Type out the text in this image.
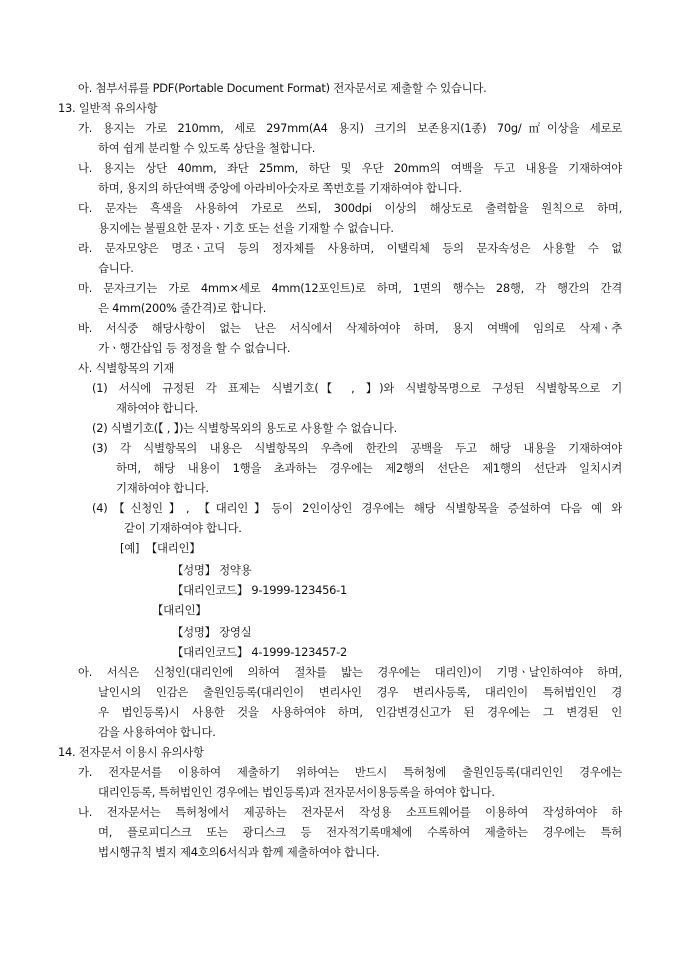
아. 첨부서류를 PDF(Portable Document Format) 전자문서로 제출할 수 있습니다.
13. 일반적 유의사항
가. 용지는 가로 210mm, 세로 297mm(A4 용지) 크기의 보존용지(1종) 70g/㎡이상을 세로로
하여 쉽게 분리할 수 있도록 상단을 철합니다.
나. 용지는 상단 40mm, 좌단 25mm, 하단 및 우단 20mm의 여백을 두고 내용을 기재하여야
하며, 용지의 하단여백 중앙에 아라비아숫자로 쪽번호를 기재하여야 합니다.
다. 문자는 흑색을 사용하여 가로로 쓰되, 300dpi 이상의 해상도로 출력함을 원칙으로 하며,
용지에는 불필요한 문자ㆍ기호 또는 선을 기재할 수 없습니다.
라. 문자모양은 명조ㆍ고딕 등의 정자체를 사용하며, 이탤릭체 등의 문자속성은 사용할 수 없
습니다.
마. 문자크기는 가로 4mm×세로 4mm(12포인트)로 하며, 1면의 행수는 28행, 각 행간의 간격
은 4mm(200% 줄간격)로 합니다.
바. 서식중 해당사항이 없는 난은 서식에서 삭제하여야 하며, 용지 여백에 임의로 삭제ㆍ추
가ㆍ행간삽입 등 정정을 할 수 없습니다.
사. 식별항목의 기재
(1) 서식에 규정된 각 표제는 식별기호(【 , 】)와 식별항목명으로 구성된 식별항목으로 기
재하여야 합니다.
(2) 식별기호(【 , 】)는 식별항목외의 용도로 사용할 수 없습니다.
(3) 각 식별항목의 내용은 식별항목의 우측에 한칸의 공백을 두고 해당 내용을 기재하여야
하며, 해당 내용이 1행을 초과하는 경우에는 제2행의 선단은 제1행의 선단과 일치시켜
기재하여야 합니다.
(4)【신청인】, 【대리인】등이 2인이상인 경우에는 해당 식별항목을 증설하여 다음 예 와
같이 기재하여야 합니다.
[예]  【대리인】
【성명】 정약용
【대리인코드】 9-1999-123456-1
【대리인】
【성명】 장영실
【대리인코드】 4-1999-123457-2
아. 서식은 신청인(대리인에 의하여 절차를 밟는 경우에는 대리인)이 기명ㆍ날인하여야 하며,
날인시의 인감은 출원인등록(대리인이 변리사인 경우 변리사등록, 대리인이 특허법인인 경
우 법인등록)시 사용한 것을 사용하여야 하며, 인감변경신고가 된 경우에는 그 변경된 인
감을 사용하여야 합니다.
14. 전자문서 이용시 유의사항
가. 전자문서를 이용하여 제출하기 위하여는 반드시 특허청에 출원인등록(대리인인 경우에는
대리인등록, 특허법인인 경우에는 법인등록)과 전자문서이용등록을 하여야 합니다.
나. 전자문서는 특허청에서 제공하는 전자문서 작성용 소프트웨어를 이용하여 작성하여야 하
며, 플로피디스크 또는 광디스크 등 전자적기록매체에 수록하여 제출하는 경우에는 특허
법시행규칙 별지 제4호의6서식과 함께 제출하여야 합니다.
